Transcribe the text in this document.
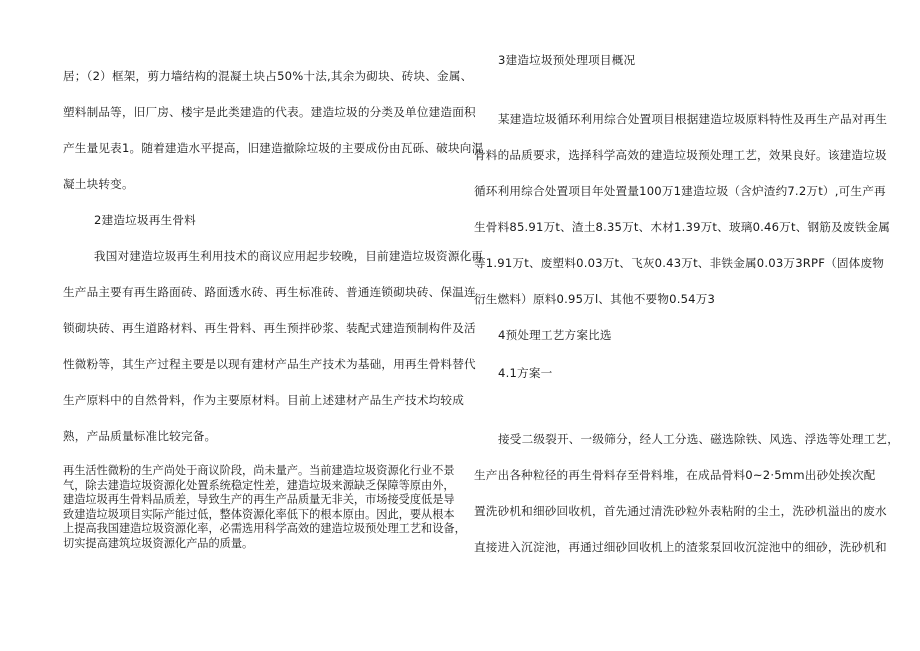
居；（2）框架，剪力墙结构的混凝土块占50%十法,其余为砌块、砖块、金属、
塑料制品等，旧厂房、楼宇是此类建造的代表。建造垃圾的分类及单位建造面积
产生量见表1。随着建造水平提高，旧建造撤除垃圾的主要成份由瓦砾、破块向混
凝土块转变。
2建造垃圾再生骨料
我国对建造垃圾再生利用技术的商议应用起步较晚，目前建造垃圾资源化再
生产品主要有再生路面砖、路面透水砖、再生标准砖、普通连锁砌块砖、保温连
锁砌块砖、再生道路材料、再生骨料、再生预拌砂浆、装配式建造预制构件及活
性微粉等，其生产过程主要是以现有建材产品生产技术为基础，用再生骨料替代
生产原料中的自然骨料，作为主要原材料。目前上述建材产品生产技术均较成
熟，产品质量标准比较完备。
再生活性微粉的生产尚处于商议阶段，尚未量产。当前建造垃圾资源化行业不景
气，除去建造垃圾资源化处置系统稳定性差，建造垃圾来源缺乏保障等原由外，
建造垃圾再生骨料品质差，导致生产的再生产品质量无非关，市场接受度低是导
致建造垃圾项目实际产能过低，整体资源化率低下的根本原由。因此，要从根本
上提高我国建造垃圾资源化率，必需选用科学高效的建造垃圾预处理工艺和设备，
切实提高建筑垃圾资源化产品的质量。
3建造垃圾预处理项目概况
某建造垃圾循环利用综合处置项目根据建造垃圾原料特性及再生产品对再生
骨料的品质要求，选择科学高效的建造垃圾预处理工艺，效果良好。该建造垃圾
循环利用综合处置项目年处置量100万1建造垃圾（含炉渣约7.2万t）,可生产再
生骨料85.91万t、渣土8.35万t、木材1.39万t、玻璃0.46万t、钢筋及废铁金属
等1.91万t、废塑料0.03万t、飞灰0.43万t、非铁金属0.03万3RPF（固体废物
衍生燃料）原料0.95万l、其他不要物0.54万3
4预处理工艺方案比选
4.1方案一
接受二级裂开、一级筛分，经人工分选、磁选除铁、风选、浮选等处理工艺，
生产出各种粒径的再生骨料存至骨料堆，在成品骨料0~2·5mm出砂处挨次配
置洗砂机和细砂回收机，首先通过清洗砂粒外表粘附的尘土，洗砂机溢出的废水
直接进入沉淀池，再通过细砂回收机上的渣浆泵回收沉淀池中的细砂，洗砂机和
